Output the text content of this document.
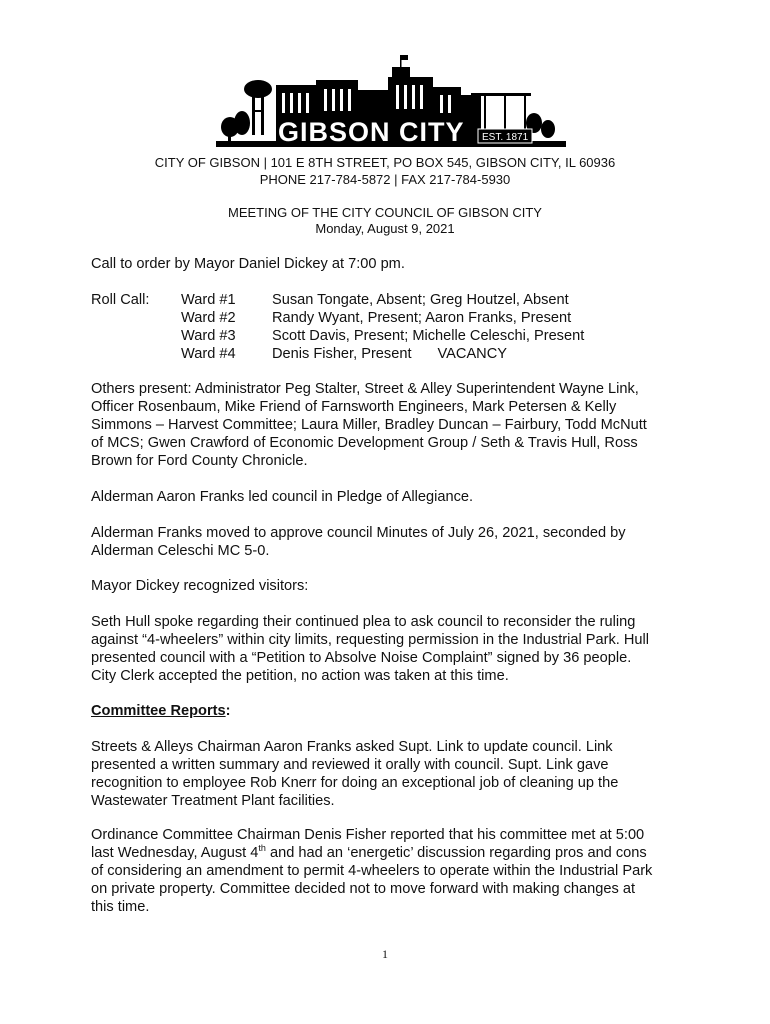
GIBSON CITY EST. 1871
CITY OF GIBSON | 101 E 8TH STREET, PO BOX 545, GIBSON CITY, IL 60936
PHONE 217-784-5872 | FAX 217-784-5930
MEETING OF THE CITY COUNCIL OF GIBSON CITY
Monday, August 9, 2021
Call to order by Mayor Daniel Dickey at 7:00 pm.
Roll Call: Ward #1 Susan Tongate, Absent; Greg Houtzel, Absent
Ward #2 Randy Wyant, Present; Aaron Franks, Present
Ward #3 Scott Davis, Present; Michelle Celeschi, Present
Ward #4 Denis Fisher, Present VACANCY
Others present: Administrator Peg Stalter, Street & Alley Superintendent Wayne Link,
Officer Rosenbaum, Mike Friend of Farnsworth Engineers, Mark Petersen & Kelly
Simmons – Harvest Committee; Laura Miller, Bradley Duncan – Fairbury, Todd McNutt
of MCS; Gwen Crawford of Economic Development Group / Seth & Travis Hull, Ross
Brown for Ford County Chronicle.
Alderman Aaron Franks led council in Pledge of Allegiance.
Alderman Franks moved to approve council Minutes of July 26, 2021, seconded by
Alderman Celeschi MC 5-0.
Mayor Dickey recognized visitors:
Seth Hull spoke regarding their continued plea to ask council to reconsider the ruling
against “4-wheelers” within city limits, requesting permission in the Industrial Park. Hull
presented council with a “Petition to Absolve Noise Complaint” signed by 36 people.
City Clerk accepted the petition, no action was taken at this time.
Committee Reports:
Streets & Alleys Chairman Aaron Franks asked Supt. Link to update council. Link
presented a written summary and reviewed it orally with council. Supt. Link gave
recognition to employee Rob Knerr for doing an exceptional job of cleaning up the
Wastewater Treatment Plant facilities.
Ordinance Committee Chairman Denis Fisher reported that his committee met at 5:00
last Wednesday, August 4th and had an ‘energetic’ discussion regarding pros and cons
of considering an amendment to permit 4-wheelers to operate within the Industrial Park
on private property. Committee decided not to move forward with making changes at
this time.
1
